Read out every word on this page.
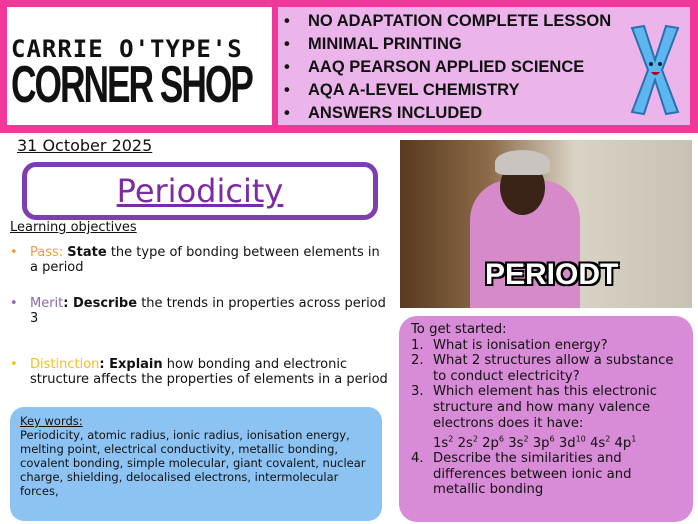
CARRIE O'TYPE'S
CORNER SHOP
• NO ADAPTATION COMPLETE LESSON
• MINIMAL PRINTING
• AAQ PEARSON APPLIED SCIENCE
• AQA A-LEVEL CHEMISTRY
• ANSWERS INCLUDED
31 October 2025
Periodicity
Learning objectives
• Pass: State the type of bonding between elements in a period
• Merit: Describe the trends in properties across period 3
• Distinction: Explain how bonding and electronic structure affects the properties of elements in a period
PERIODT
Key words:
Periodicity, atomic radius, ionic radius, ionisation energy, melting point, electrical conductivity, metallic bonding, covalent bonding, simple molecular, giant covalent, nuclear charge, shielding, delocalised electrons, intermolecular forces,
To get started:
1. What is ionisation energy?
2. What 2 structures allow a substance to conduct electricity?
3. Which element has this electronic structure and how many valence electrons does it have:
$1s^2$ $2s^2$ $2p^6$ $3s^2$ $3p^6$ $3d^{10}$ $4s^2$ $4p^1$
4. Describe the similarities and differences between ionic and metallic bonding
